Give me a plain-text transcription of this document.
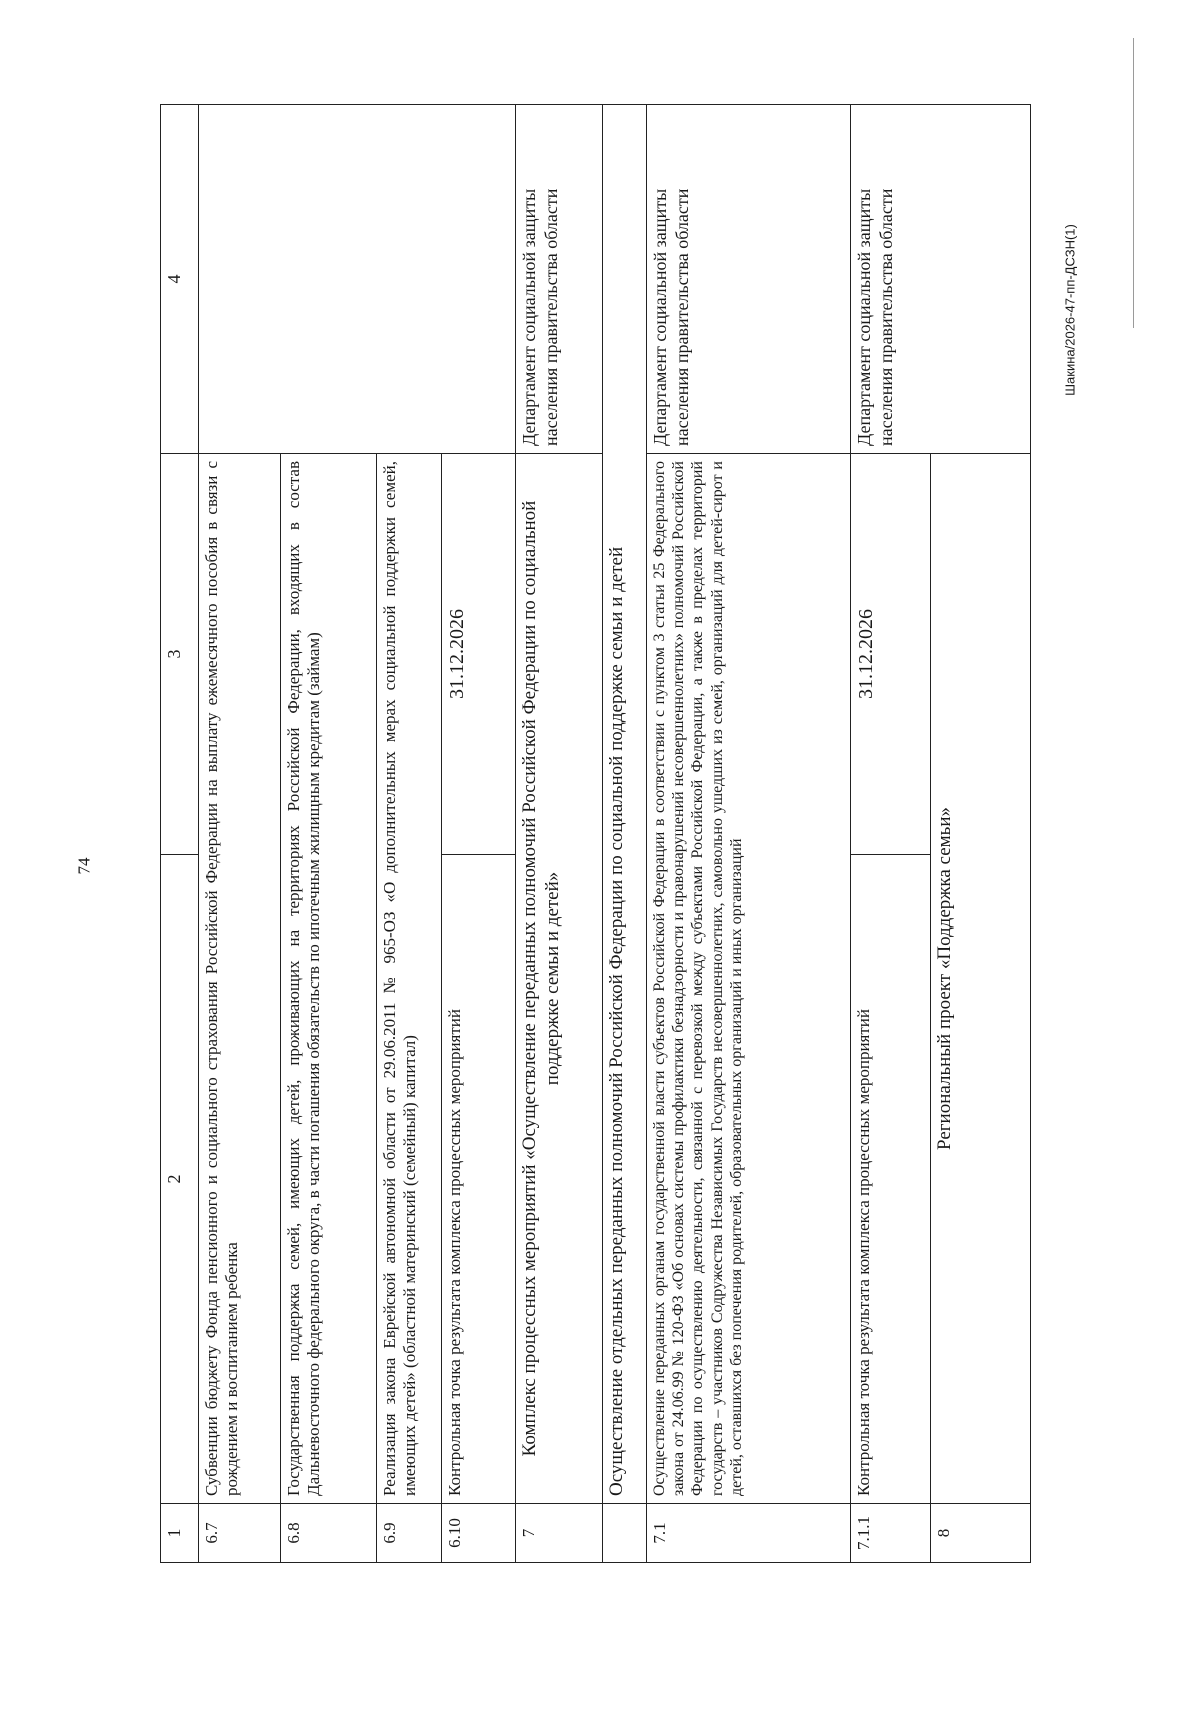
74
Шакина/2026-47-пп-ДСЗН(1)
1	2	3	4
6.7	Субвенции бюджету Фонда пенсионного и социального страхования Российской Федерации на выплату ежемесячного пособия в связи с рождением и воспитанием ребенка		
6.8	Государственная поддержка семей, имеющих детей, проживающих на территориях Российской Федерации, входящих в состав Дальневосточного федерального округа, в части погашения обязательств по ипотечным жилищным кредитам (займам)		
6.9	Реализация закона Еврейской автономной области от 29.06.2011 № 965-ОЗ «О дополнительных мерах социальной поддержки семей, имеющих детей» (областной материнский (семейный) капитал)		
6.10	Контрольная точка результата комплекса процессных мероприятий	31.12.2026	
7	Комплекс процессных мероприятий «Осуществление переданных полномочий Российской Федерации по социальной поддержке семьи и детей»		Департамент социальной защиты населения правительства области
	Осуществление отдельных переданных полномочий Российской Федерации по социальной поддержке семьи и детей		
7.1	Осуществление переданных органам государственной власти субъектов Российской Федерации в соответствии с пунктом 3 статьи 25 Федерального закона от 24.06.99 № 120-ФЗ «Об основах системы профилактики безнадзорности и правонарушений несовершеннолетних» полномочий Российской Федерации по осуществлению деятельности, связанной с перевозкой между субъектами Российской Федерации, а также в пределах территорий государств – участников Содружества Независимых Государств несовершеннолетних, самовольно ушедших из семей, организаций для детей-сирот и детей, оставшихся без попечения родителей, образовательных организаций и иных организаций		Департамент социальной защиты населения правительства области
7.1.1	Контрольная точка результата комплекса процессных мероприятий	31.12.2026	Департамент социальной защиты населения правительства области
8	Региональный проект «Поддержка семьи»		
